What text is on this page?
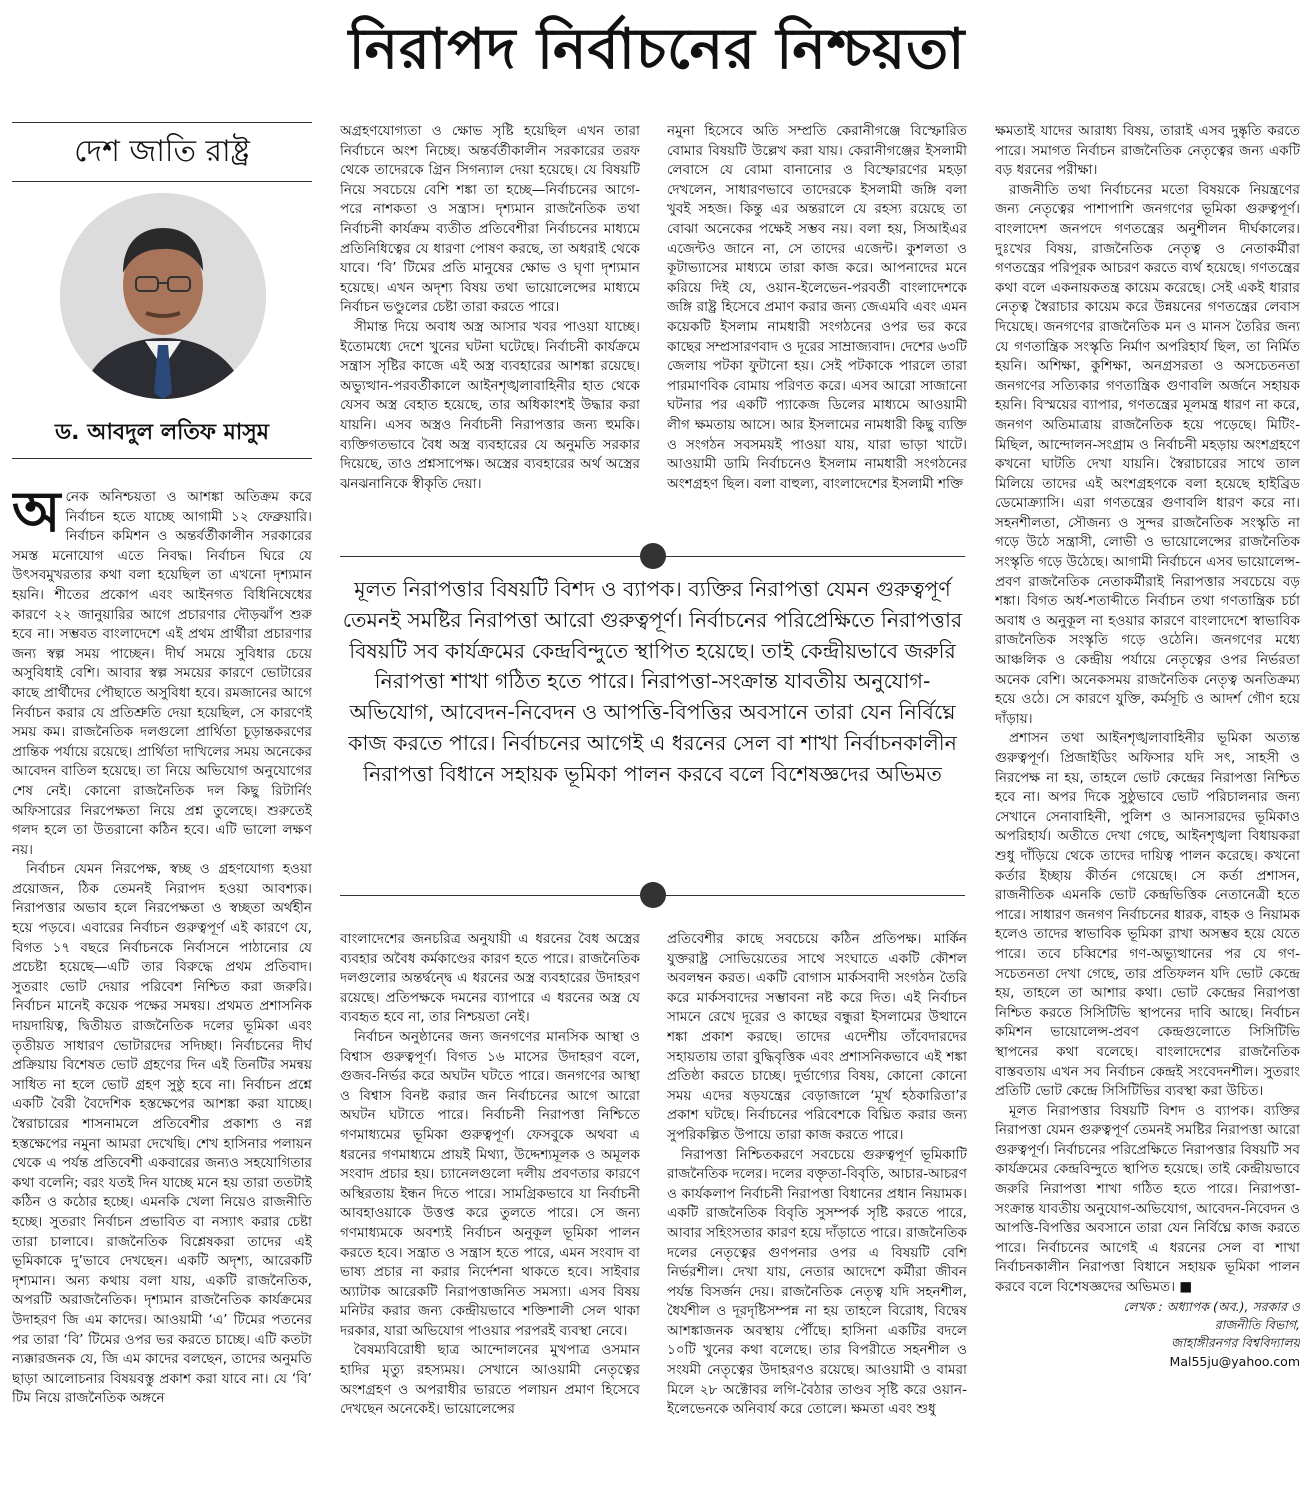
নিরাপদ নির্বাচনের নিশ্চয়তা
দেশ জাতি রাষ্ট্র
ড. আবদুল লতিফ মাসুম

অনেক অনিশ্চয়তা ও আশঙ্কা অতিক্রম করে নির্বাচন হতে যাচ্ছে আগামী ১২ ফেব্রুয়ারি। নির্বাচন কমিশন ও অন্তর্বর্তীকালীন সরকারের সমস্ত মনোযোগ এতে নিবদ্ধ। নির্বাচন ঘিরে যে উৎসবমুখরতার কথা বলা হয়েছিল তা এখনো দৃশ্যমান হয়নি। শীতের প্রকোপ এবং আইনগত বিধিনিষেধের কারণে ২২ জানুয়ারির আগে প্রচারণার দৌড়ঝাঁপ শুরু হবে না। সম্ভবত বাংলাদেশে এই প্রথম প্রার্থীরা প্রচারণার জন্য স্বল্প সময় পাচ্ছেন। দীর্ঘ সময়ে সুবিধার চেয়ে অসুবিধাই বেশি। আবার স্বল্প সময়ের কারণে ভোটারের কাছে প্রার্থীদের পৌছাতে অসুবিধা হবে। রমজানের আগে নির্বাচন করার যে প্রতিশ্রুতি দেয়া হয়েছিল, সে কারণেই সময় কম। রাজনৈতিক দলগুলো প্রার্থিতা চূড়ান্তকরণের প্রান্তিক পর্যায়ে রয়েছে। প্রার্থিতা দাখিলের সময় অনেকের আবেদন বাতিল হয়েছে। তা নিয়ে অভিযোগ অনুযোগের শেষ নেই। কোনো রাজনৈতিক দল কিছু রিটার্নিং অফিসারের নিরপেক্ষতা নিয়ে প্রশ্ন তুলেছে। শুরুতেই গলদ হলে তা উতরানো কঠিন হবে। এটি ভালো লক্ষণ নয়।

নির্বাচন যেমন নিরপেক্ষ, স্বচ্ছ ও গ্রহণযোগ্য হওয়া প্রয়োজন, ঠিক তেমনই নিরাপদ হওয়া আবশ্যক। নিরাপত্তার অভাব হলে নিরপেক্ষতা ও স্বচ্ছতা অর্থহীন হয়ে পড়বে। এবারের নির্বাচন গুরুত্বপূর্ণ এই কারণে যে, বিগত ১৭ বছরে নির্বাচনকে নির্বাসনে পাঠানোর যে প্রচেষ্টা হয়েছে—এটি তার বিরুদ্ধে প্রথম প্রতিবাদ। সুতরাং ভোট দেয়ার পরিবেশ নিশ্চিত করা জরুরি। নির্বাচন মানেই কয়েক পক্ষের সমন্বয়। প্রথমত প্রশাসনিক দায়দায়িত্ব, দ্বিতীয়ত রাজনৈতিক দলের ভূমিকা এবং তৃতীয়ত সাধারণ ভোটারদের সদিচ্ছা। নির্বাচনের দীর্ঘ প্রক্রিয়ায় বিশেষত ভোট গ্রহণের দিন এই তিনটির সমন্বয় সাধিত না হলে ভোট গ্রহণ সুষ্ঠু হবে না। নির্বাচন প্রশ্নে একটি বৈরী বৈদেশিক হস্তক্ষেপের আশঙ্কা করা যাচ্ছে। স্বৈরাচারের শাসনামলে প্রতিবেশীর প্রকাশ্য ও নগ্ন হস্তক্ষেপের নমুনা আমরা দেখেছি। শেখ হাসিনার পলায়ন থেকে এ পর্যন্ত প্রতিবেশী একবারের জন্যও সহযোগিতার কথা বলেনি; বরং যতই দিন যাচ্ছে মনে হয় তারা ততটাই কঠিন ও কঠোর হচ্ছে। এমনকি খেলা নিয়েও রাজনীতি হচ্ছে। সুতরাং নির্বাচন প্রভাবিত বা নস্যাৎ করার চেষ্টা তারা চালাবে। রাজনৈতিক বিশ্লেষকরা তাদের এই ভূমিকাকে দু’ভাবে দেখছেন। একটি অদৃশ্য, আরেকটি দৃশ্যমান। অন্য কথায় বলা যায়, একটি রাজনৈতিক, অপরটি অরাজনৈতিক। দৃশ্যমান রাজনৈতিক কার্যক্রমের উদাহরণ জি এম কাদের। আওয়ামী ‘এ’ টিমের পতনের পর তারা ‘বি’ টিমের ওপর ভর করতে চাচ্ছে। এটি কতটা ন্যক্কারজনক যে, জি এম কাদের বলছেন, তাদের অনুমতি ছাড়া আলোচনার বিষয়বস্তু প্রকাশ করা যাবে না। যে ‘বি’ টিম নিয়ে রাজনৈতিক অঙ্গনে

অগ্রহণযোগ্যতা ও ক্ষোভ সৃষ্টি হয়েছিল এখন তারা নির্বাচনে অংশ নিচ্ছে। অন্তর্বর্তীকালীন সরকারের তরফ থেকে তাদেরকে গ্রিন সিগন্যাল দেয়া হয়েছে। যে বিষয়টি নিয়ে সবচেয়ে বেশি শঙ্কা তা হচ্ছে—নির্বাচনের আগে-পরে নাশকতা ও সন্ত্রাস। দৃশ্যমান রাজনৈতিক তথা নির্বাচনী কার্যক্রম ব্যতীত প্রতিবেশীরা নির্বাচনের মাধ্যমে প্রতিনিধিত্বের যে ধারণা পোষণ করছে, তা অধরাই থেকে যাবে। ‘বি’ টিমের প্রতি মানুষের ক্ষোভ ও ঘৃণা দৃশ্যমান হয়েছে। এখন অদৃশ্য বিষয় তথা ভায়োলেন্সের মাধ্যমে নির্বাচন ভণ্ডুলের চেষ্টা তারা করতে পারে।

সীমান্ত দিয়ে অবাধ অস্ত্র আসার খবর পাওয়া যাচ্ছে। ইতোমধ্যে দেশে খুনের ঘটনা ঘটেছে। নির্বাচনী কার্যক্রমে সন্ত্রাস সৃষ্টির কাজে এই অস্ত্র ব্যবহারের আশঙ্কা রয়েছে। অভ্যুত্থান-পরবর্তীকালে আইনশৃঙ্খলাবাহিনীর হাত থেকে যেসব অস্ত্র বেহাত হয়েছে, তার অধিকাংশই উদ্ধার করা যায়নি। এসব অস্ত্রও নির্বাচনী নিরাপত্তার জন্য হুমকি। ব্যক্তিগতভাবে বৈধ অস্ত্র ব্যবহারের যে অনুমতি সরকার দিয়েছে, তাও প্রশ্নসাপেক্ষ। অস্ত্রের ব্যবহারের অর্থ অস্ত্রের ঝনঝনানিকে স্বীকৃতি দেয়া।

নমুনা হিসেবে অতি সম্প্রতি কেরানীগঞ্জে বিস্ফোরিত বোমার বিষয়টি উল্লেখ করা যায়। কেরানীগঞ্জের ইসলামী লেবাসে যে বোমা বানানোর ও বিস্ফোরণের মহড়া দেখলেন, সাধারণভাবে তাদেরকে ইসলামী জঙ্গি বলা খুবই সহজ। কিন্তু এর অন্তরালে যে রহস্য রয়েছে তা বোঝা অনেকের পক্ষেই সম্ভব নয়। বলা হয়, সিআইএর এজেন্টও জানে না, সে তাদের এজেন্ট। কুশলতা ও কূটাভ্যাসের মাধ্যমে তারা কাজ করে। আপনাদের মনে করিয়ে দিই যে, ওয়ান-ইলেভেন-পরবর্তী বাংলাদেশকে জঙ্গি রাষ্ট্র হিসেবে প্রমাণ করার জন্য জেএমবি এবং এমন কয়েকটি ইসলাম নামধারী সংগঠনের ওপর ভর করে কাছের সম্প্রসারণবাদ ও দূরের সাম্রাজ্যবাদ। দেশের ৬৩টি জেলায় পটকা ফুটানো হয়। সেই পটকাকে পারলে তারা পারমাণবিক বোমায় পরিণত করে। এসব আরো সাজানো ঘটনার পর একটি প্যাকেজ ডিলের মাধ্যমে আওয়ামী লীগ ক্ষমতায় আসে। আর ইসলামের নামধারী কিছু ব্যক্তি ও সংগঠন সবসময়ই পাওয়া যায়, যারা ভাড়া খাটে। আওয়ামী ডামি নির্বাচনেও ইসলাম নামধারী সংগঠনের অংশগ্রহণ ছিল। বলা বাহুল্য, বাংলাদেশের ইসলামী শক্তি

মূলত নিরাপত্তার বিষয়টি বিশদ ও ব্যাপক। ব্যক্তির নিরাপত্তা যেমন গুরুত্বপূর্ণ তেমনই সমষ্টির নিরাপত্তা আরো গুরুত্বপূর্ণ। নির্বাচনের পরিপ্রেক্ষিতে নিরাপত্তার বিষয়টি সব কার্যক্রমের কেন্দ্রবিন্দুতে স্থাপিত হয়েছে। তাই কেন্দ্রীয়ভাবে জরুরি নিরাপত্তা শাখা গঠিত হতে পারে। নিরাপত্তা-সংক্রান্ত যাবতীয় অনুযোগ-অভিযোগ, আবেদন-নিবেদন ও আপত্তি-বিপত্তির অবসানে তারা যেন নির্বিঘ্নে কাজ করতে পারে। নির্বাচনের আগেই এ ধরনের সেল বা শাখা নির্বাচনকালীন নিরাপত্তা বিধানে সহায়ক ভূমিকা পালন করবে বলে বিশেষজ্ঞদের অভিমত

বাংলাদেশের জনচরিত্র অনুযায়ী এ ধরনের বৈধ অস্ত্রের ব্যবহার অবৈধ কর্মকাণ্ডের কারণ হতে পারে। রাজনৈতিক দলগুলোর অন্তর্দ্বন্দ্বে এ ধরনের অস্ত্র ব্যবহারের উদাহরণ রয়েছে। প্রতিপক্ষকে দমনের ব্যাপারে এ ধরনের অস্ত্র যে ব্যবহৃত হবে না, তার নিশ্চয়তা নেই।

নির্বাচন অনুষ্ঠানের জন্য জনগণের মানসিক আস্থা ও বিশ্বাস গুরুত্বপূর্ণ। বিগত ১৬ মাসের উদাহরণ বলে, গুজব-নির্ভর করে অঘটন ঘটতে পারে। জনগণের আস্থা ও বিশ্বাস বিনষ্ট করার জন নির্বাচনের আগে আরো অঘটন ঘটাতে পারে। নির্বাচনী নিরাপত্তা নিশ্চিতে গণমাধ্যমের ভূমিকা গুরুত্বপূর্ণ। ফেসবুকে অথবা এ ধরনের গণমাধ্যমে প্রায়ই মিথ্যা, উদ্দেশ্যমূলক ও অমূলক সংবাদ প্রচার হয়। চ্যানেলগুলো দলীয় প্রবণতার কারণে অস্থিরতায় ইন্ধন দিতে পারে। সামগ্রিকভাবে যা নির্বাচনী আবহাওয়াকে উত্তপ্ত করে তুলতে পারে। সে জন্য গণমাধ্যমকে অবশ্যই নির্বাচন অনুকূল ভূমিকা পালন করতে হবে। সন্ত্রাত ও সন্ত্রাস হতে পারে, এমন সংবাদ বা ভাষ্য প্রচার না করার নির্দেশনা থাকতে হবে। সাইবার অ্যাটাক আরেকটি নিরাপত্তাজনিত সমস্যা। এসব বিষয় মনিটর করার জন্য কেন্দ্রীয়ভাবে শক্তিশালী সেল থাকা দরকার, যারা অভিযোগ পাওয়ার পরপরই ব্যবস্থা নেবে।

বৈষম্যবিরোধী ছাত্র আন্দোলনের মুখপাত্র ওসমান হাদির মৃত্যু রহস্যময়। সেখানে আওয়ামী নেতৃত্বের অংশগ্রহণ ও অপরাধীর ভারতে পলায়ন প্রমাণ হিসেবে দেখছেন অনেকেই। ভায়োলেন্সের

প্রতিবেশীর কাছে সবচেয়ে কঠিন প্রতিপক্ষ। মার্কিন যুক্তরাষ্ট্র সোভিয়েতের সাথে সংঘাতে একটি কৌশল অবলম্বন করত। একটি বোগাস মার্কসবাদী সংগঠন তৈরি করে মার্কসবাদের সম্ভাবনা নষ্ট করে দিত। এই নির্বাচন সামনে রেখে দূরের ও কাছের বন্ধুরা ইসলামের উত্থানে শঙ্কা প্রকাশ করছে। তাদের এদেশীয় তাঁবেদারদের সহায়তায় তারা বুদ্ধিবৃত্তিক এবং প্রশাসনিকভাবে এই শঙ্কা প্রতিষ্ঠা করতে চাচ্ছে। দুর্ভাগ্যের বিষয়, কোনো কোনো সময় এদের ষড়যন্ত্রের বেড়াজালে ‘মূর্খ হঠকারিতা’র প্রকাশ ঘটছে। নির্বাচনের পরিবেশকে বিঘ্নিত করার জন্য সুপরিকল্পিত উপায়ে তারা কাজ করতে পারে।

নিরাপত্তা নিশ্চিতকরণে সবচেয়ে গুরুত্বপূর্ণ ভূমিকাটি রাজনৈতিক দলের। দলের বক্তৃতা-বিবৃতি, আচার-আচরণ ও কার্যকলাপ নির্বাচনী নিরাপত্তা বিধানের প্রধান নিয়ামক। একটি রাজনৈতিক বিবৃতি সুসম্পর্ক সৃষ্টি করতে পারে, আবার সহিংসতার কারণ হয়ে দাঁড়াতে পারে। রাজনৈতিক দলের নেতৃত্বের গুণপনার ওপর এ বিষয়টি বেশি নির্ভরশীল। দেখা যায়, নেতার আদেশে কর্মীরা জীবন পর্যন্ত বিসর্জন দেয়। রাজনৈতিক নেতৃত্ব যদি সহনশীল, ধৈর্যশীল ও দূরদৃষ্টিসম্পন্ন না হয় তাহলে বিরোধ, বিদ্বেষ আশঙ্কাজনক অবস্থায় পৌঁছে। হাসিনা একটির বদলে ১০টি খুনের কথা বলেছে। তার বিপরীতে সহনশীল ও সংযমী নেতৃত্বের উদাহরণও রয়েছে। আওয়ামী ও বামরা মিলে ২৮ অক্টোবর লগি-বৈঠার তাণ্ডব সৃষ্টি করে ওয়ান-ইলেভেনকে অনিবার্য করে তোলে। ক্ষমতা এবং শুধু

ক্ষমতাই যাদের আরাধ্য বিষয়, তারাই এসব দুষ্কৃতি করতে পারে। সমাগত নির্বাচন রাজনৈতিক নেতৃত্বের জন্য একটি বড় ধরনের পরীক্ষা।

রাজনীতি তথা নির্বাচনের মতো বিষয়কে নিয়ন্ত্রণের জন্য নেতৃত্বের পাশাপাশি জনগণের ভূমিকা গুরুত্বপূর্ণ। বাংলাদেশ জনপদে গণতন্ত্রের অনুশীলন দীর্ঘকালের। দুঃখের বিষয়, রাজনৈতিক নেতৃত্ব ও নেতাকর্মীরা গণতন্ত্রের পরিপূরক আচরণ করতে ব্যর্থ হয়েছে। গণতন্ত্রের কথা বলে একনায়কতন্ত্র কায়েম করেছে। সেই একই ধারার নেতৃত্ব স্বৈরাচার কায়েম করে উন্নয়নের গণতন্ত্রের লেবাস দিয়েছে। জনগণের রাজনৈতিক মন ও মানস তৈরির জন্য যে গণতান্ত্রিক সংস্কৃতি নির্মাণ অপরিহার্য ছিল, তা নির্মিত হয়নি। অশিক্ষা, কুশিক্ষা, অনগ্রসরতা ও অসচেতনতা জনগণের সত্যিকার গণতান্ত্রিক গুণাবলি অর্জনে সহায়ক হয়নি। বিস্ময়ের ব্যাপার, গণতন্ত্রের মূলমন্ত্র ধারণ না করে, জনগণ অতিমাত্রায় রাজনৈতিক হয়ে পড়েছে। মিটিং-মিছিল, আন্দোলন-সংগ্রাম ও নির্বাচনী মহড়ায় অংশগ্রহণে কখনো ঘাটতি দেখা যায়নি। স্বৈরাচারের সাথে তাল মিলিয়ে তাদের এই অংশগ্রহণকে বলা হয়েছে হাইব্রিড ডেমোক্র্যাসি। এরা গণতন্ত্রের গুণাবলি ধারণ করে না। সহনশীলতা, সৌজন্য ও সুন্দর রাজনৈতিক সংস্কৃতি না গড়ে উঠে সন্ত্রাসী, লোভী ও ভায়োলেন্সের রাজনৈতিক সংস্কৃতি গড়ে উঠেছে। আগামী নির্বাচনে এসব ভায়োলেন্স-প্রবণ রাজনৈতিক নেতাকর্মীরাই নিরাপত্তার সবচেয়ে বড় শঙ্কা। বিগত অর্ধ-শতাব্দীতে নির্বাচন তথা গণতান্ত্রিক চর্চা অবাধ ও অনুকূল না হওয়ার কারণে বাংলাদেশে স্বাভাবিক রাজনৈতিক সংস্কৃতি গড়ে ওঠেনি। জনগণের মধ্যে আঞ্চলিক ও কেন্দ্রীয় পর্যায়ে নেতৃত্বের ওপর নির্ভরতা অনেক বেশি। অনেকসময় রাজনৈতিক নেতৃত্ব অনতিক্রম্য হয়ে ওঠে। সে কারণে যুক্তি, কর্মসূচি ও আদর্শ গৌণ হয়ে দাঁড়ায়।

প্রশাসন তথা আইনশৃঙ্খলাবাহিনীর ভূমিকা অত্যন্ত গুরুত্বপূর্ণ। প্রিজাইডিং অফিসার যদি সৎ, সাহসী ও নিরপেক্ষ না হয়, তাহলে ভোট কেন্দ্রের নিরাপত্তা নিশ্চিত হবে না। অপর দিকে সুষ্ঠুভাবে ভোট পরিচালনার জন্য সেখানে সেনাবাহিনী, পুলিশ ও আনসারদের ভূমিকাও অপরিহার্য। অতীতে দেখা গেছে, আইনশৃঙ্খলা বিধায়করা শুধু দাঁড়িয়ে থেকে তাদের দায়িত্ব পালন করেছে। কখনো কর্তার ইচ্ছায় কীর্তন গেয়েছে। সে কর্তা প্রশাসন, রাজনীতিক এমনকি ভোট কেন্দ্রভিত্তিক নেতানেত্রী হতে পারে। সাধারণ জনগণ নির্বাচনের ধারক, বাহক ও নিয়ামক হলেও তাদের স্বাভাবিক ভূমিকা রাখা অসম্ভব হয়ে যেতে পারে। তবে চব্বিশের গণ-অভ্যুত্থানের পর যে গণ-সচেতনতা দেখা গেছে, তার প্রতিফলন যদি ভোট কেন্দ্রে হয়, তাহলে তা আশার কথা। ভোট কেন্দ্রের নিরাপত্তা নিশ্চিত করতে সিসিটিভি স্থাপনের দাবি আছে। নির্বাচন কমিশন ভায়োলেন্স-প্রবণ কেন্দ্রগুলোতে সিসিটিভি স্থাপনের কথা বলেছে। বাংলাদেশের রাজনৈতিক বাস্তবতায় এখন সব নির্বাচন কেন্দ্রই সংবেদনশীল। সুতরাং প্রতিটি ভোট কেন্দ্রে সিসিটিভির ব্যবস্থা করা উচিত।

মূলত নিরাপত্তার বিষয়টি বিশদ ও ব্যাপক। ব্যক্তির নিরাপত্তা যেমন গুরুত্বপূর্ণ তেমনই সমষ্টির নিরাপত্তা আরো গুরুত্বপূর্ণ। নির্বাচনের পরিপ্রেক্ষিতে নিরাপত্তার বিষয়টি সব কার্যক্রমের কেন্দ্রবিন্দুতে স্থাপিত হয়েছে। তাই কেন্দ্রীয়ভাবে জরুরি নিরাপত্তা শাখা গঠিত হতে পারে। নিরাপত্তা-সংক্রান্ত যাবতীয় অনুযোগ-অভিযোগ, আবেদন-নিবেদন ও আপত্তি-বিপত্তির অবসানে তারা যেন নির্বিঘ্নে কাজ করতে পারে। নির্বাচনের আগেই এ ধরনের সেল বা শাখা নির্বাচনকালীন নিরাপত্তা বিধানে সহায়ক ভূমিকা পালন করবে বলে বিশেষজ্ঞদের অভিমত। ■

লেখক : অধ্যাপক (অব.), সরকার ও
রাজনীতি বিভাগ,
জাহাঙ্গীরনগর বিশ্ববিদ্যালয়
Mal55ju@yahoo.com
